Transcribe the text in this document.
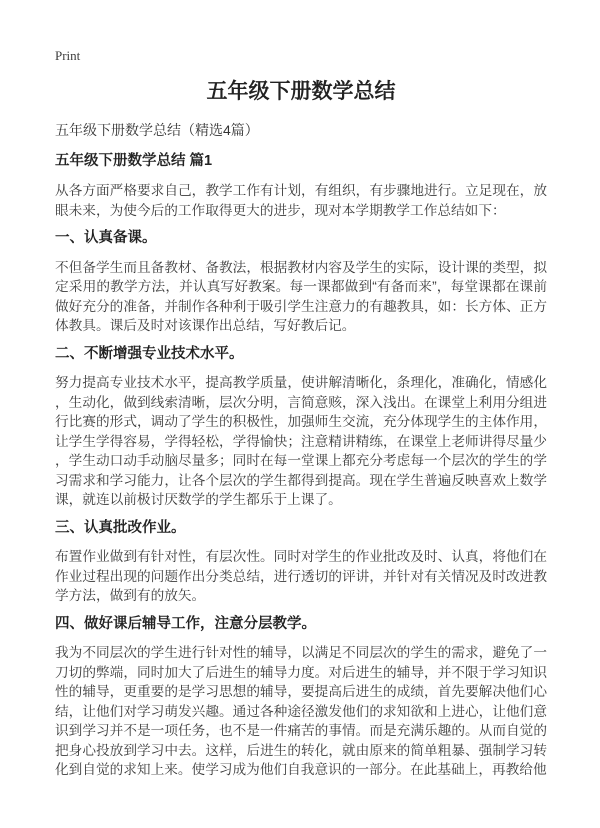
Print
五年级下册数学总结

五年级下册数学总结（精选4篇）

五年级下册数学总结 篇1

从各方面严格要求自己，教学工作有计划，有组织，有步骤地进行。立足现在，放眼未来，为使今后的工作取得更大的进步，现对本学期教学工作总结如下：

一、认真备课。

不但备学生而且备教材、备教法，根据教材内容及学生的实际，设计课的类型，拟定采用的教学方法，并认真写好教案。每一课都做到“有备而来”，每堂课都在课前做好充分的准备，并制作各种利于吸引学生注意力的有趣教具，如：长方体、正方体教具。课后及时对该课作出总结，写好教后记。

二、不断增强专业技术水平。

努力提高专业技术水平，提高教学质量，使讲解清晰化，条理化，准确化，情感化，生动化，做到线索清晰，层次分明，言简意赅，深入浅出。在课堂上利用分组进行比赛的形式，调动了学生的积极性，加强师生交流，充分体现学生的主体作用，让学生学得容易，学得轻松，学得愉快；注意精讲精练，在课堂上老师讲得尽量少，学生动口动手动脑尽量多；同时在每一堂课上都充分考虑每一个层次的学生的学习需求和学习能力，让各个层次的学生都得到提高。现在学生普遍反映喜欢上数学课，就连以前极讨厌数学的学生都乐于上课了。

三、认真批改作业。

布置作业做到有针对性，有层次性。同时对学生的作业批改及时、认真，将他们在作业过程出现的问题作出分类总结，进行透切的评讲，并针对有关情况及时改进教学方法，做到有的放矢。

四、做好课后辅导工作，注意分层教学。

我为不同层次的学生进行针对性的辅导，以满足不同层次的学生的需求，避免了一刀切的弊端，同时加大了后进生的辅导力度。对后进生的辅导，并不限于学习知识性的辅导，更重要的是学习思想的辅导，要提高后进生的成绩，首先要解决他们心结，让他们对学习萌发兴趣。通过各种途径激发他们的求知欲和上进心，让他们意识到学习并不是一项任务，也不是一件痛苦的事情。而是充满乐趣的。从而自觉的把身心投放到学习中去。这样，后进生的转化，就由原来的简单粗暴、强制学习转化到自觉的求知上来。使学习成为他们自我意识的一部分。在此基础上，再教给他
